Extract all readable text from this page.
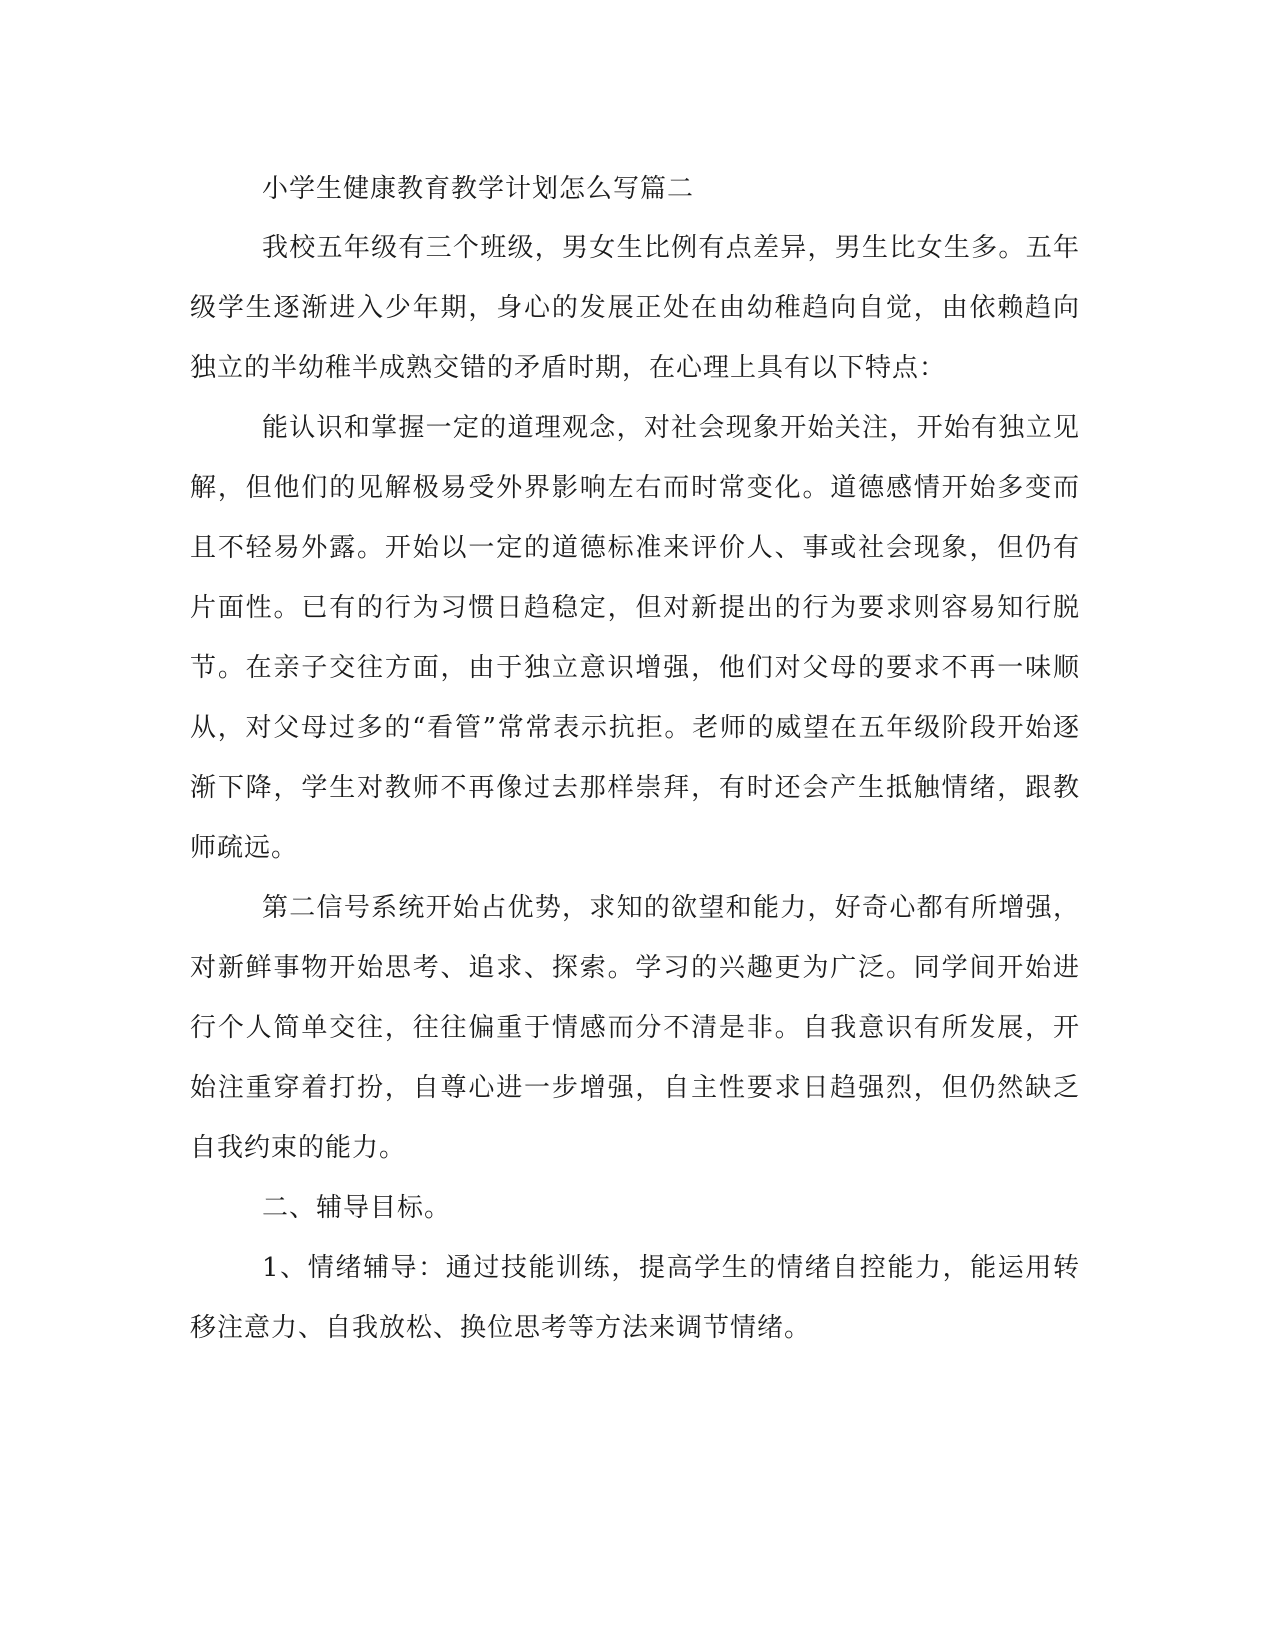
小学生健康教育教学计划怎么写篇二

我校五年级有三个班级，男女生比例有点差异，男生比女生多。五年级学生逐渐进入少年期，身心的发展正处在由幼稚趋向自觉，由依赖趋向独立的半幼稚半成熟交错的矛盾时期，在心理上具有以下特点：

能认识和掌握一定的道理观念，对社会现象开始关注，开始有独立见解，但他们的见解极易受外界影响左右而时常变化。道德感情开始多变而且不轻易外露。开始以一定的道德标准来评价人、事或社会现象，但仍有片面性。已有的行为习惯日趋稳定，但对新提出的行为要求则容易知行脱节。在亲子交往方面，由于独立意识增强，他们对父母的要求不再一味顺从，对父母过多的“看管”常常表示抗拒。老师的威望在五年级阶段开始逐渐下降，学生对教师不再像过去那样崇拜，有时还会产生抵触情绪，跟教师疏远。

第二信号系统开始占优势，求知的欲望和能力，好奇心都有所增强，对新鲜事物开始思考、追求、探索。学习的兴趣更为广泛。同学间开始进行个人简单交往，往往偏重于情感而分不清是非。自我意识有所发展，开始注重穿着打扮，自尊心进一步增强，自主性要求日趋强烈，但仍然缺乏自我约束的能力。

二、辅导目标。

1、情绪辅导：通过技能训练，提高学生的情绪自控能力，能运用转移注意力、自我放松、换位思考等方法来调节情绪。
